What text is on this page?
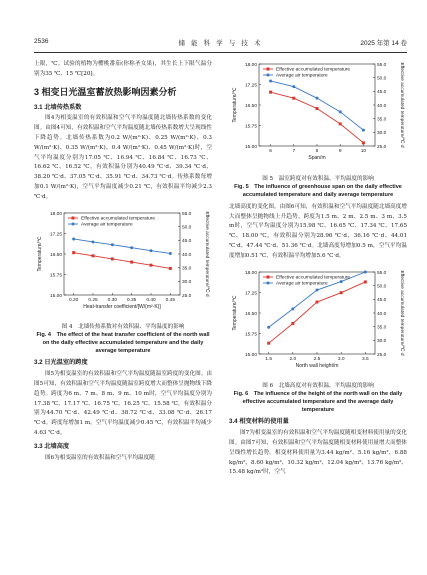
2536	储 能 科 学 与 技 术	2025 年第 14 卷

上限，℃。试验的植物为樱桃番茄(你称圣女果)，其生长上下限气温分别为35 ℃、15 ℃[20]。

3 相变日光温室蓄放热影响因素分析
3.1 北墙传热系数

图4为相变温室的有效积温和空气平均温度随北墙传热系数的变化图。由图4可知，有效积温和空气平均温度随北墙传热系数增大呈现线性下降趋势。北墙传热系数为0.2 W/(m²·K)、0.25 W/(m²·K)、0.3 W/(m²·K)、0.35 W/(m²·K)、0.4 W/(m²·K)、0.45 W/(m²·K)时，空气平均温度分别为17.05 ℃、16.94 ℃、16.84 ℃、16.73 ℃、16.62 ℃、16.52 ℃，有效积温分别为40.49 ℃·d、39.34 ℃·d、38.20 ℃·d、37.05 ℃·d、35.91 ℃·d、34.73 ℃·d。传热系数每增加0.1 W/(m²·K)，空气平均温度减少0.21 ℃，有效积温平均减少2.3 ℃·d。

15.00
15.75
16.50
17.25
18.00
25.0
30.0
35.0
40.0
45.0
50.0
55.0
0.20 0.25 0.30 0.35 0.40 0.45
Heat-transfer coefficient/[W/(m²·K)]
Temperature/℃	Effective accumulated temperature/℃·d
Effective accumulated temperature
Average air temperature
图 4　北墙传热系数对有效积温、平均温度的影响
Fig. 4　The effect of the heat transfer coefficient of the north wall on the daily effective accumulated temperature and the daily average temperature
3.2 日光温室的跨度

图5为相变温室的有效积温和空气平均温度随温室跨度的变化图。由图5可知，有效积温和空气平均温度随温室跨度增大而整体呈抛物线下降趋势。跨度为6 m、7 m、8 m、9 m、10 m时，空气平均温度分别为17.38 ℃、17.17 ℃、16.75 ℃、16.25 ℃、15.58 ℃，有效积温分别为44.70 ℃·d、42.49 ℃·d、38.72 ℃·d、33.08 ℃·d、26.17 ℃·d。跨度每增加1 m，空气平均温度减少0.45 ℃，有效积温平均减少4.63 ℃·d。

3.3 北墙高度

图6为相变温室的有效积温和空气平均温度随

15.00
15.75
16.50
17.25
18.00
25.0
30.0
35.0
40.0
45.0
50.0
55.0
6	7	8	9	10
Span/m
Temperature/℃	Effective accumulated temperature/℃·d
Effective accumulated temperature
Average air temperature
图 5　温室跨度对有效积温、平均温度的影响
Fig. 5　The influence of greenhouse span on the daily effective accumulated temperature and daily average temperature

北墙高度的变化图。由图6可知，有效积温和空气平均温度随北墙高度增大而整体呈抛物线上升趋势。跨度为1.5 m、2 m、2.5 m、3 m、3.5 m时，空气平均温度分别为15.98 ℃、16.65 ℃、17.34 ℃、17.65 ℃、18.00 ℃，有效积温分别为28.96 ℃·d、36.16 ℃·d、44.01 ℃·d、47.44 ℃·d、51.36 ℃·d。北墙高度每增加0.5 m，空气平均温度增加0.51 ℃，有效积温平均增加5.6 ℃·d。

15.00
15.75
16.50
17.25
18.00
25.0
30.0
35.0
40.0
45.0
50.0
55.0
1.5	2.0	2.5	3.0	3.5
North wall height/m
Temperature/℃	Effective accumulated temperature/℃·d
Effective accumulated temperature
Average air temperature
图 6　北墙高度对有效积温、平均温度的影响
Fig. 6　The influence of the height of the north wall on the daily effective accumulated temperature and the average daily temperature
3.4 相变材料的使用量

图7为相变温室的有效积温和空气平均温度随相变材料使用量的变化图。由图7可知，有效积温和空气平均温度随相变材料使用量增大而整体呈线性增长趋势。相变材料使用量为3.44 kg/m²、5.16 kg/m²、6.88 kg/m²、8.60 kg/m²、10.32 kg/m²、12.04 kg/m²、13.76 kg/m²、15.48 kg/m²时，空气
